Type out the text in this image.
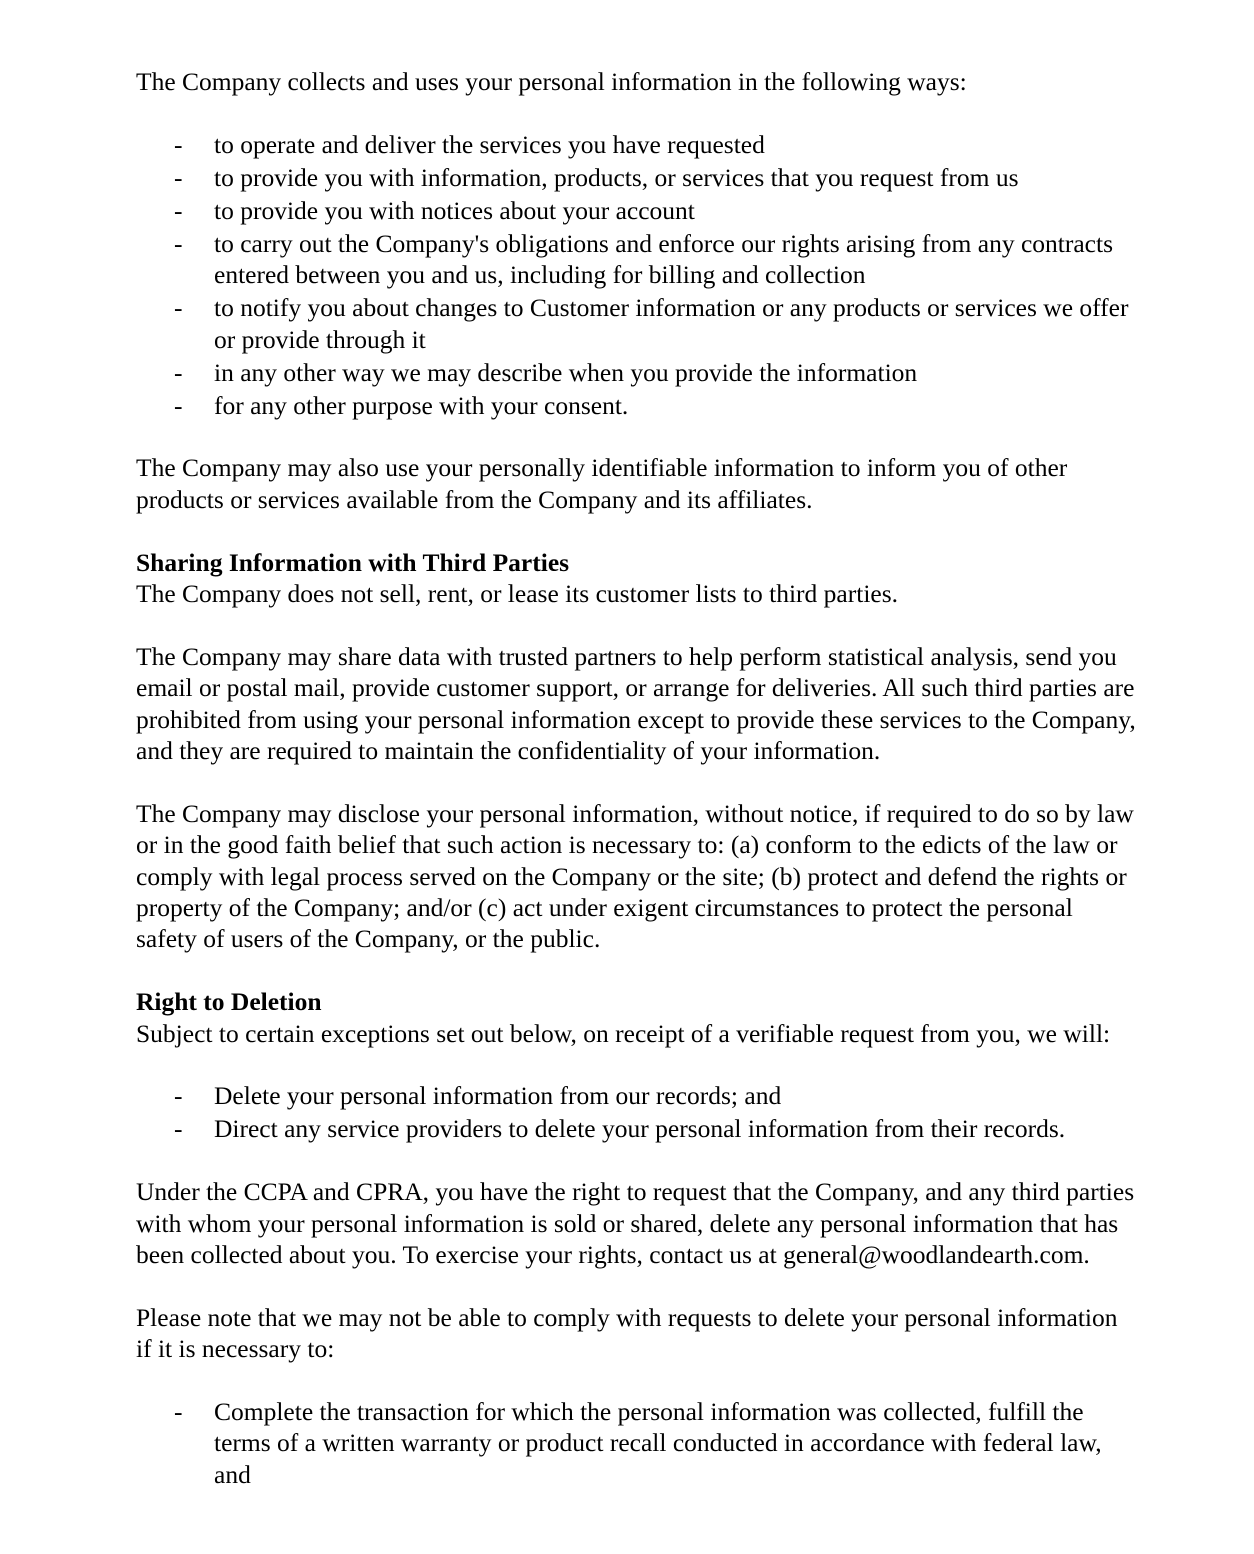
The Company collects and uses your personal information in the following ways:

- to operate and deliver the services you have requested
- to provide you with information, products, or services that you request from us
- to provide you with notices about your account
- to carry out the Company's obligations and enforce our rights arising from any contracts entered between you and us, including for billing and collection
- to notify you about changes to Customer information or any products or services we offer or provide through it
- in any other way we may describe when you provide the information
- for any other purpose with your consent.

The Company may also use your personally identifiable information to inform you of other products or services available from the Company and its affiliates.

Sharing Information with Third Parties

The Company does not sell, rent, or lease its customer lists to third parties.

The Company may share data with trusted partners to help perform statistical analysis, send you email or postal mail, provide customer support, or arrange for deliveries. All such third parties are prohibited from using your personal information except to provide these services to the Company, and they are required to maintain the confidentiality of your information.

The Company may disclose your personal information, without notice, if required to do so by law or in the good faith belief that such action is necessary to: (a) conform to the edicts of the law or comply with legal process served on the Company or the site; (b) protect and defend the rights or property of the Company; and/or (c) act under exigent circumstances to protect the personal safety of users of the Company, or the public.

Right to Deletion

Subject to certain exceptions set out below, on receipt of a verifiable request from you, we will:

- Delete your personal information from our records; and
- Direct any service providers to delete your personal information from their records.

Under the CCPA and CPRA, you have the right to request that the Company, and any third parties with whom your personal information is sold or shared, delete any personal information that has been collected about you. To exercise your rights, contact us at general@woodlandearth.com.

Please note that we may not be able to comply with requests to delete your personal information if it is necessary to:

- Complete the transaction for which the personal information was collected, fulfill the terms of a written warranty or product recall conducted in accordance with federal law, and
